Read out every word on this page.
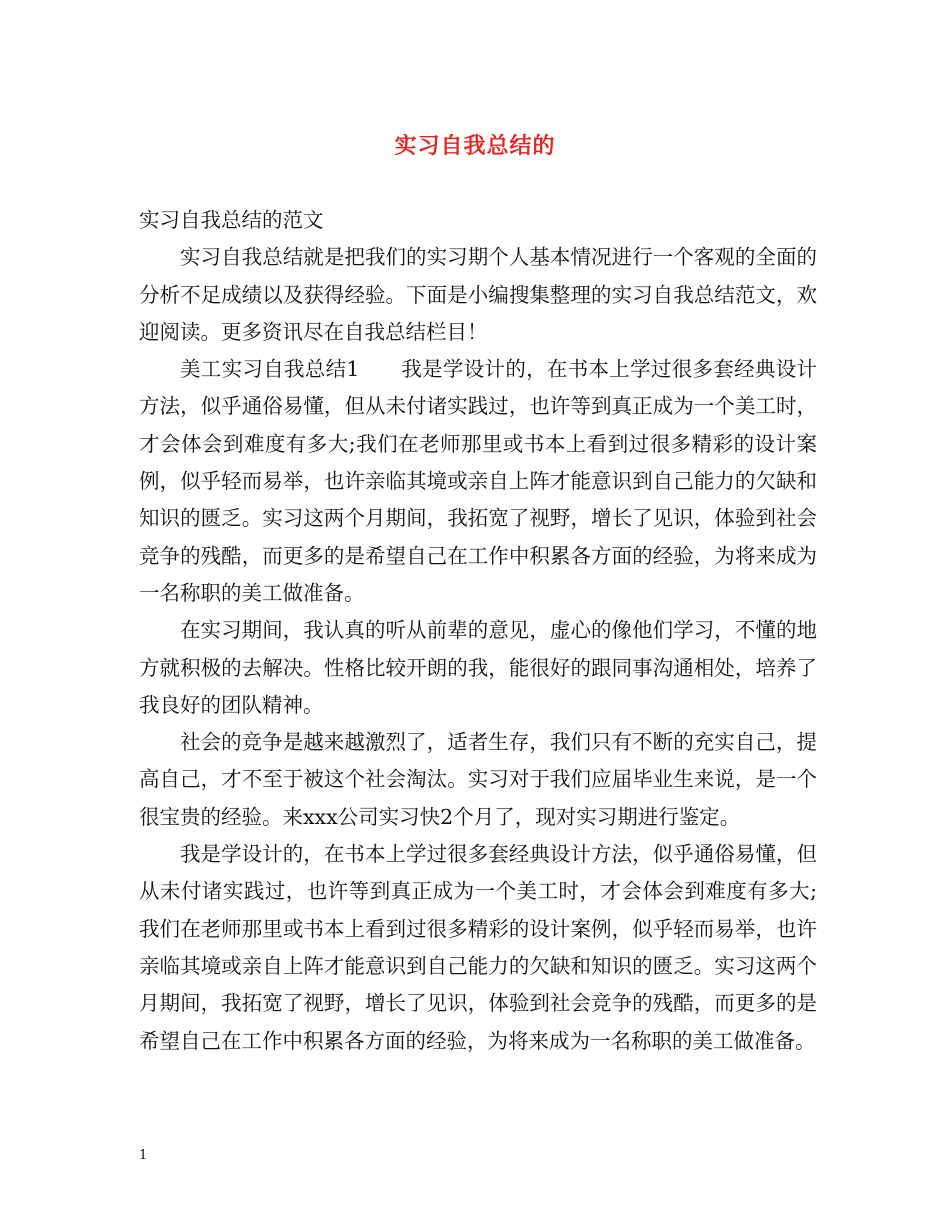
实习自我总结的

实习自我总结的范文

实习自我总结就是把我们的实习期个人基本情况进行一个客观的全面的分析不足成绩以及获得经验。下面是小编搜集整理的实习自我总结范文，欢迎阅读。更多资讯尽在自我总结栏目！

美工实习自我总结1　　我是学设计的，在书本上学过很多套经典设计方法，似乎通俗易懂，但从未付诸实践过，也许等到真正成为一个美工时，才会体会到难度有多大;我们在老师那里或书本上看到过很多精彩的设计案例，似乎轻而易举，也许亲临其境或亲自上阵才能意识到自己能力的欠缺和知识的匮乏。实习这两个月期间，我拓宽了视野，增长了见识，体验到社会竞争的残酷，而更多的是希望自己在工作中积累各方面的经验，为将来成为一名称职的美工做准备。

在实习期间，我认真的听从前辈的意见，虚心的像他们学习，不懂的地方就积极的去解决。性格比较开朗的我，能很好的跟同事沟通相处，培养了我良好的团队精神。

社会的竞争是越来越激烈了，适者生存，我们只有不断的充实自己，提高自己，才不至于被这个社会淘汰。实习对于我们应届毕业生来说，是一个很宝贵的经验。来xxx公司实习快2个月了，现对实习期进行鉴定。

我是学设计的，在书本上学过很多套经典设计方法，似乎通俗易懂，但从未付诸实践过，也许等到真正成为一个美工时，才会体会到难度有多大;我们在老师那里或书本上看到过很多精彩的设计案例，似乎轻而易举，也许亲临其境或亲自上阵才能意识到自己能力的欠缺和知识的匮乏。实习这两个月期间，我拓宽了视野，增长了见识，体验到社会竞争的残酷，而更多的是希望自己在工作中积累各方面的经验，为将来成为一名称职的美工做准备。

1
